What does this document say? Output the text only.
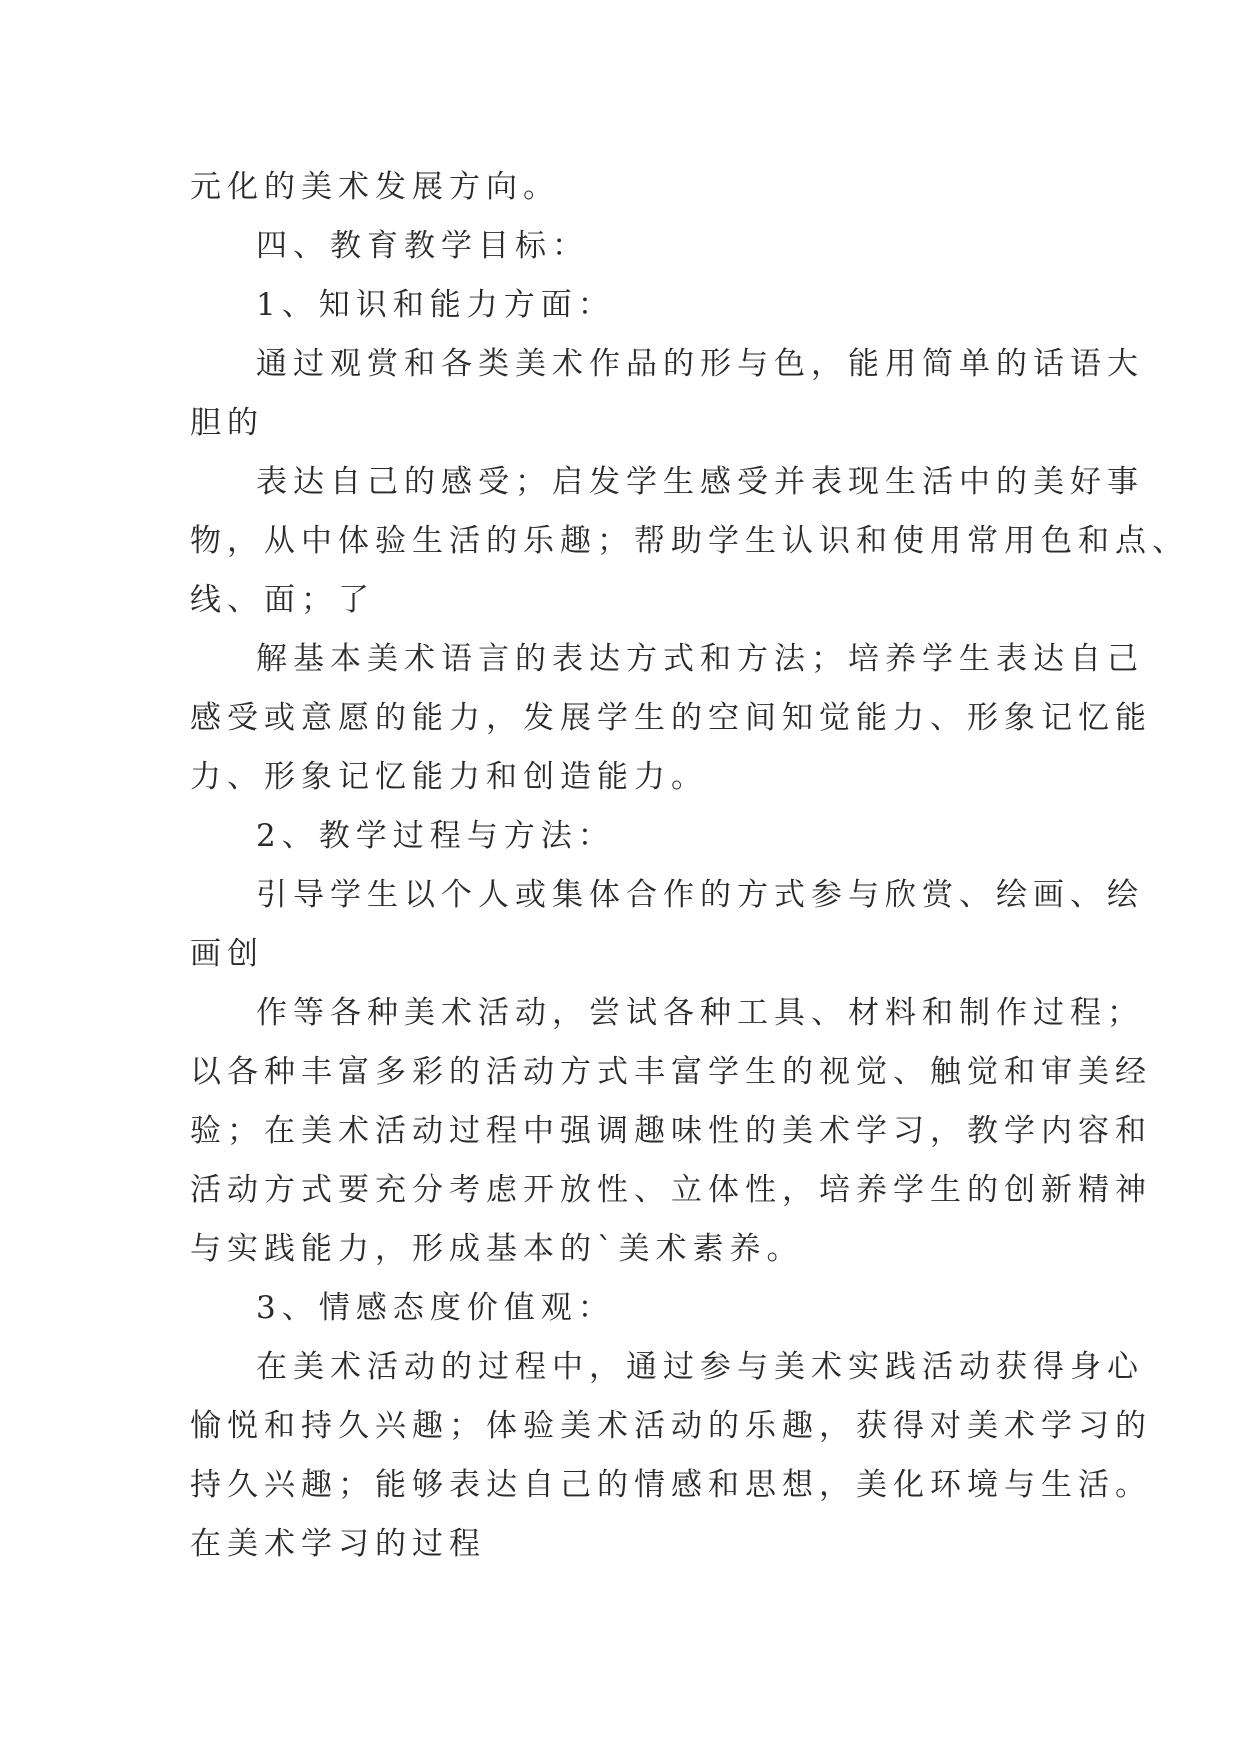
元化的美术发展方向。
四、教育教学目标：
1、知识和能力方面：
通过观赏和各类美术作品的形与色，能用简单的话语大
胆的
表达自己的感受；启发学生感受并表现生活中的美好事
物，从中体验生活的乐趣；帮助学生认识和使用常用色和点、
线、面；了
解基本美术语言的表达方式和方法；培养学生表达自己
感受或意愿的能力，发展学生的空间知觉能力、形象记忆能
力、形象记忆能力和创造能力。
2、教学过程与方法：
引导学生以个人或集体合作的方式参与欣赏、绘画、绘
画创
作等各种美术活动，尝试各种工具、材料和制作过程；
以各种丰富多彩的活动方式丰富学生的视觉、触觉和审美经
验；在美术活动过程中强调趣味性的美术学习，教学内容和
活动方式要充分考虑开放性、立体性，培养学生的创新精神
与实践能力，形成基本的`美术素养。
3、情感态度价值观：
在美术活动的过程中，通过参与美术实践活动获得身心
愉悦和持久兴趣；体验美术活动的乐趣，获得对美术学习的
持久兴趣；能够表达自己的情感和思想，美化环境与生活。
在美术学习的过程
